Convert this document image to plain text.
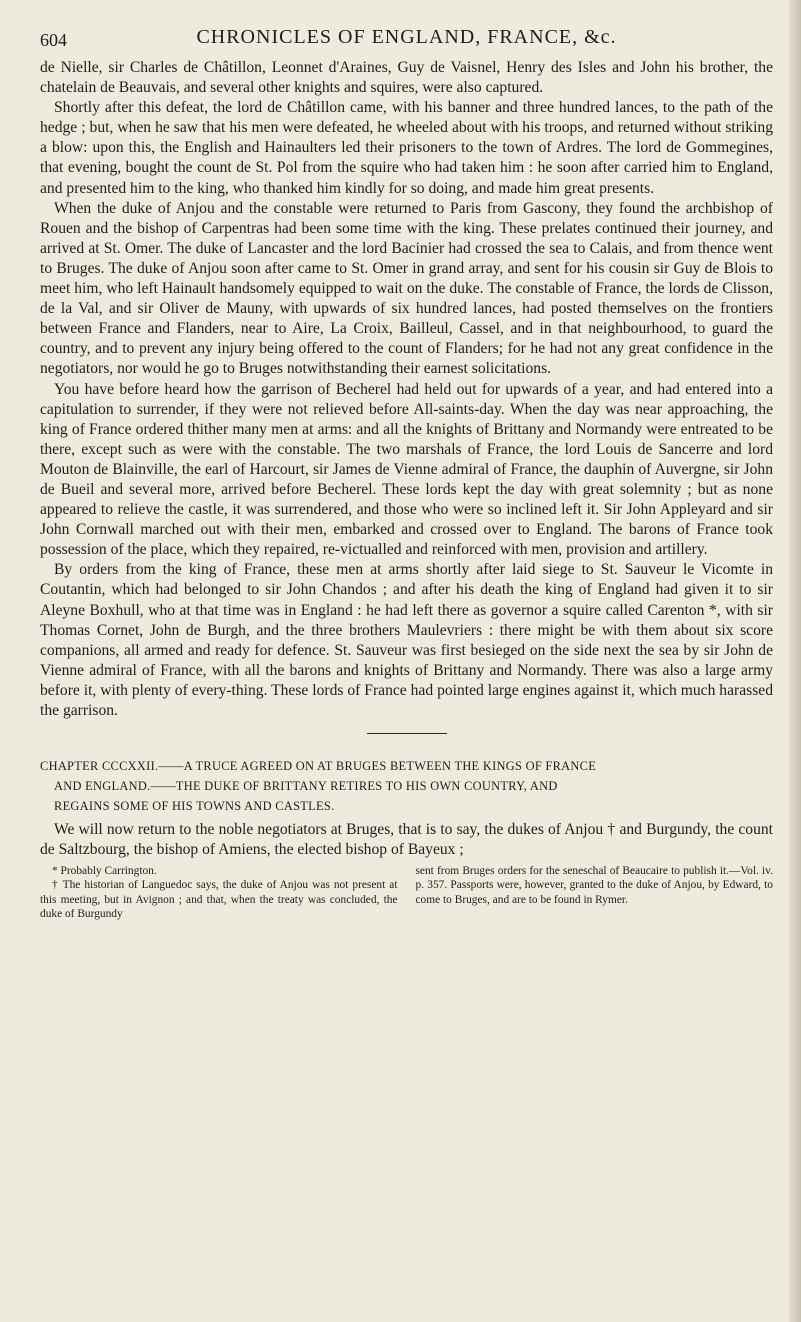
604	CHRONICLES OF ENGLAND, FRANCE, &c.

de Nielle, sir Charles de Châtillon, Leonnet d'Araines, Guy de Vaisnel, Henry des Isles and John his brother, the chatelain de Beauvais, and several other knights and squires, were also captured.

Shortly after this defeat, the lord de Châtillon came, with his banner and three hundred lances, to the path of the hedge ; but, when he saw that his men were defeated, he wheeled about with his troops, and returned without striking a blow: upon this, the English and Hainaulters led their prisoners to the town of Ardres. The lord de Gommegines, that evening, bought the count de St. Pol from the squire who had taken him : he soon after carried him to England, and presented him to the king, who thanked him kindly for so doing, and made him great presents.

When the duke of Anjou and the constable were returned to Paris from Gascony, they found the archbishop of Rouen and the bishop of Carpentras had been some time with the king. These prelates continued their journey, and arrived at St. Omer. The duke of Lancaster and the lord Bacinier had crossed the sea to Calais, and from thence went to Bruges. The duke of Anjou soon after came to St. Omer in grand array, and sent for his cousin sir Guy de Blois to meet him, who left Hainault handsomely equipped to wait on the duke. The constable of France, the lords de Clisson, de la Val, and sir Oliver de Mauny, with upwards of six hundred lances, had posted themselves on the frontiers between France and Flanders, near to Aire, La Croix, Bailleul, Cassel, and in that neighbourhood, to guard the country, and to prevent any injury being offered to the count of Flanders; for he had not any great confidence in the negotiators, nor would he go to Bruges notwithstanding their earnest solicitations.

You have before heard how the garrison of Becherel had held out for upwards of a year, and had entered into a capitulation to surrender, if they were not relieved before All-saints-day. When the day was near approaching, the king of France ordered thither many men at arms: and all the knights of Brittany and Normandy were entreated to be there, except such as were with the constable. The two marshals of France, the lord Louis de Sancerre and lord Mouton de Blainville, the earl of Harcourt, sir James de Vienne admiral of France, the dauphin of Auvergne, sir John de Bueil and several more, arrived before Becherel. These lords kept the day with great solemnity ; but as none appeared to relieve the castle, it was surrendered, and those who were so inclined left it. Sir John Appleyard and sir John Cornwall marched out with their men, embarked and crossed over to England. The barons of France took possession of the place, which they repaired, re-victualled and reinforced with men, provision and artillery.

By orders from the king of France, these men at arms shortly after laid siege to St. Sauveur le Vicomte in Coutantin, which had belonged to sir John Chandos ; and after his death the king of England had given it to sir Aleyne Boxhull, who at that time was in England : he had left there as governor a squire called Carenton *, with sir Thomas Cornet, John de Burgh, and the three brothers Maulevriers : there might be with them about six score companions, all armed and ready for defence. St. Sauveur was first besieged on the side next the sea by sir John de Vienne admiral of France, with all the barons and knights of Brittany and Normandy. There was also a large army before it, with plenty of every-thing. These lords of France had pointed large engines against it, which much harassed the garrison.

CHAPTER CCCXXII.——A TRUCE AGREED ON AT BRUGES BETWEEN THE KINGS OF FRANCE
AND ENGLAND.——THE DUKE OF BRITTANY RETIRES TO HIS OWN COUNTRY, AND
REGAINS SOME OF HIS TOWNS AND CASTLES.

We will now return to the noble negotiators at Bruges, that is to say, the dukes of Anjou † and Burgundy, the count de Saltzbourg, the bishop of Amiens, the elected bishop of Bayeux ;

* Probably Carrington.

† The historian of Languedoc says, the duke of Anjou was not present at this meeting, but in Avignon ; and that, when the treaty was concluded, the duke of Burgundy

sent from Bruges orders for the seneschal of Beaucaire to publish it.—Vol. iv. p. 357. Passports were, however, granted to the duke of Anjou, by Edward, to come to Bruges, and are to be found in Rymer.
